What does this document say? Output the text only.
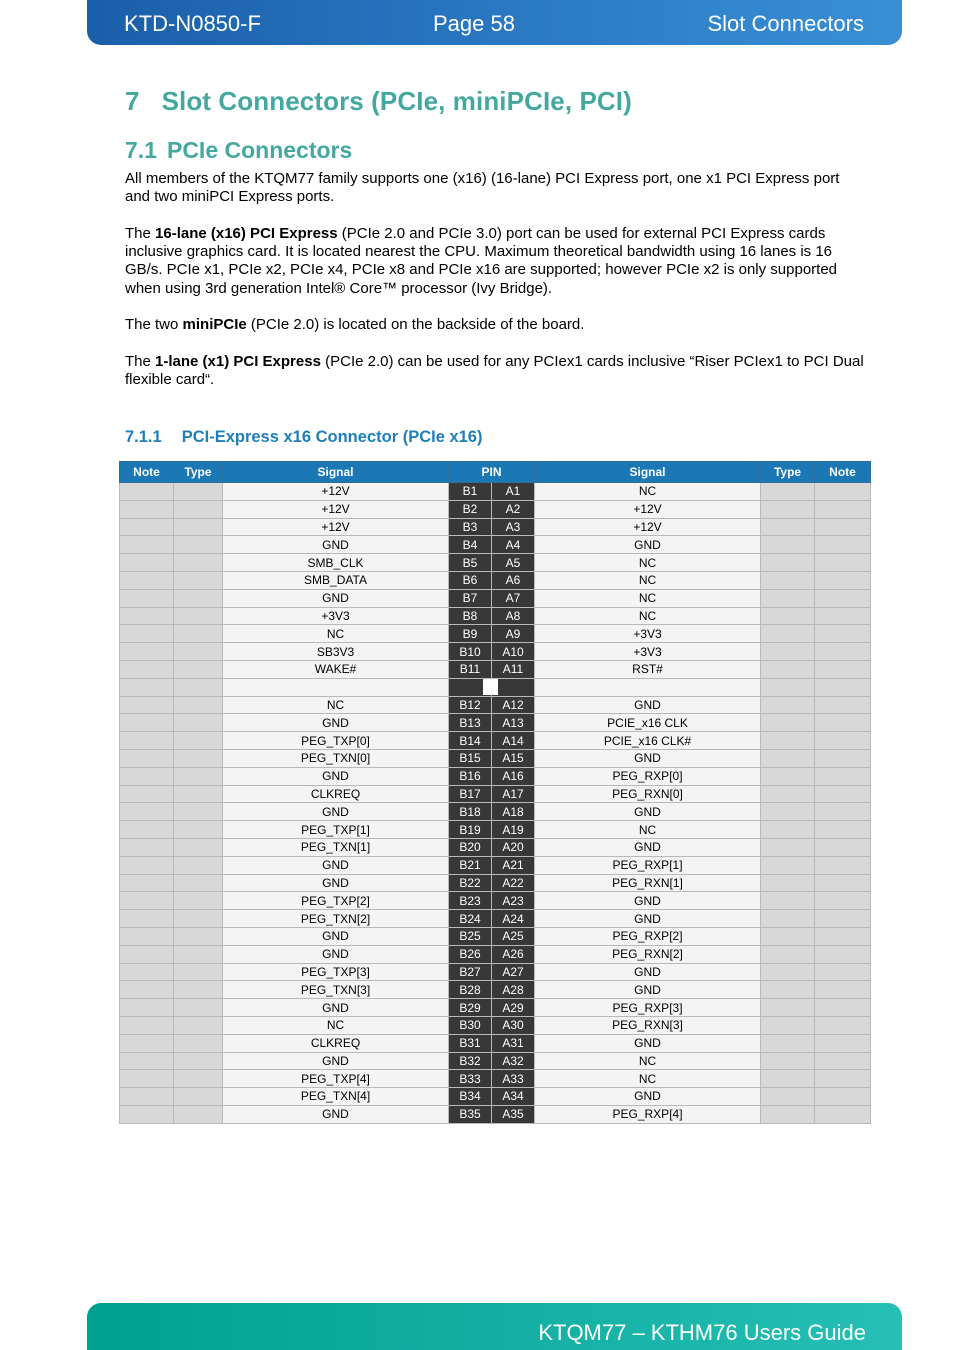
KTD-N0850-F	Page 58	Slot Connectors
7 Slot Connectors (PCIe, miniPCIe, PCI)
7.1 PCIe Connectors

All members of the KTQM77 family supports one (x16) (16-lane) PCI Express port, one x1 PCI Express port and two miniPCI Express ports.

The 16-lane (x16) PCI Express (PCIe 2.0 and PCIe 3.0) port can be used for external PCI Express cards inclusive graphics card. It is located nearest the CPU. Maximum theoretical bandwidth using 16 lanes is 16 GB/s. PCIe x1, PCIe x2, PCIe x4, PCIe x8 and PCIe x16 are supported; however PCIe x2 is only supported when using 3rd generation Intel® Core™ processor (Ivy Bridge).

The two miniPCIe (PCIe 2.0) is located on the backside of the board.

The 1-lane (x1) PCI Express (PCIe 2.0) can be used for any PCIex1 cards inclusive “Riser PCIex1 to PCI Dual flexible card“.

7.1.1 PCI-Express x16 Connector (PCIe x16)
Note	Type	Signal	PIN		Signal	Type	Note
		+12V	B1	A1	NC		
		+12V	B2	A2	+12V		
		+12V	B3	A3	+12V		
		GND	B4	A4	GND		
		SMB_CLK	B5	A5	NC		
		SMB_DATA	B6	A6	NC		
		GND	B7	A7	NC		
		+3V3	B8	A8	NC		
		NC	B9	A9	+3V3		
		SB3V3	B10	A10	+3V3		
		WAKE#	B11	A11	RST#		

		NC	B12	A12	GND		
		GND	B13	A13	PCIE_x16 CLK		
		PEG_TXP[0]	B14	A14	PCIE_x16 CLK#		
		PEG_TXN[0]	B15	A15	GND		
		GND	B16	A16	PEG_RXP[0]		
		CLKREQ	B17	A17	PEG_RXN[0]		
		GND	B18	A18	GND		
		PEG_TXP[1]	B19	A19	NC		
		PEG_TXN[1]	B20	A20	GND		
		GND	B21	A21	PEG_RXP[1]		
		GND	B22	A22	PEG_RXN[1]		
		PEG_TXP[2]	B23	A23	GND		
		PEG_TXN[2]	B24	A24	GND		
		GND	B25	A25	PEG_RXP[2]		
		GND	B26	A26	PEG_RXN[2]		
		PEG_TXP[3]	B27	A27	GND		
		PEG_TXN[3]	B28	A28	GND		
		GND	B29	A29	PEG_RXP[3]		
		NC	B30	A30	PEG_RXN[3]		
		CLKREQ	B31	A31	GND		
		GND	B32	A32	NC		
		PEG_TXP[4]	B33	A33	NC		
		PEG_TXN[4]	B34	A34	GND		
		GND	B35	A35	PEG_RXP[4]		
KTQM77 – KTHM76 Users Guide
